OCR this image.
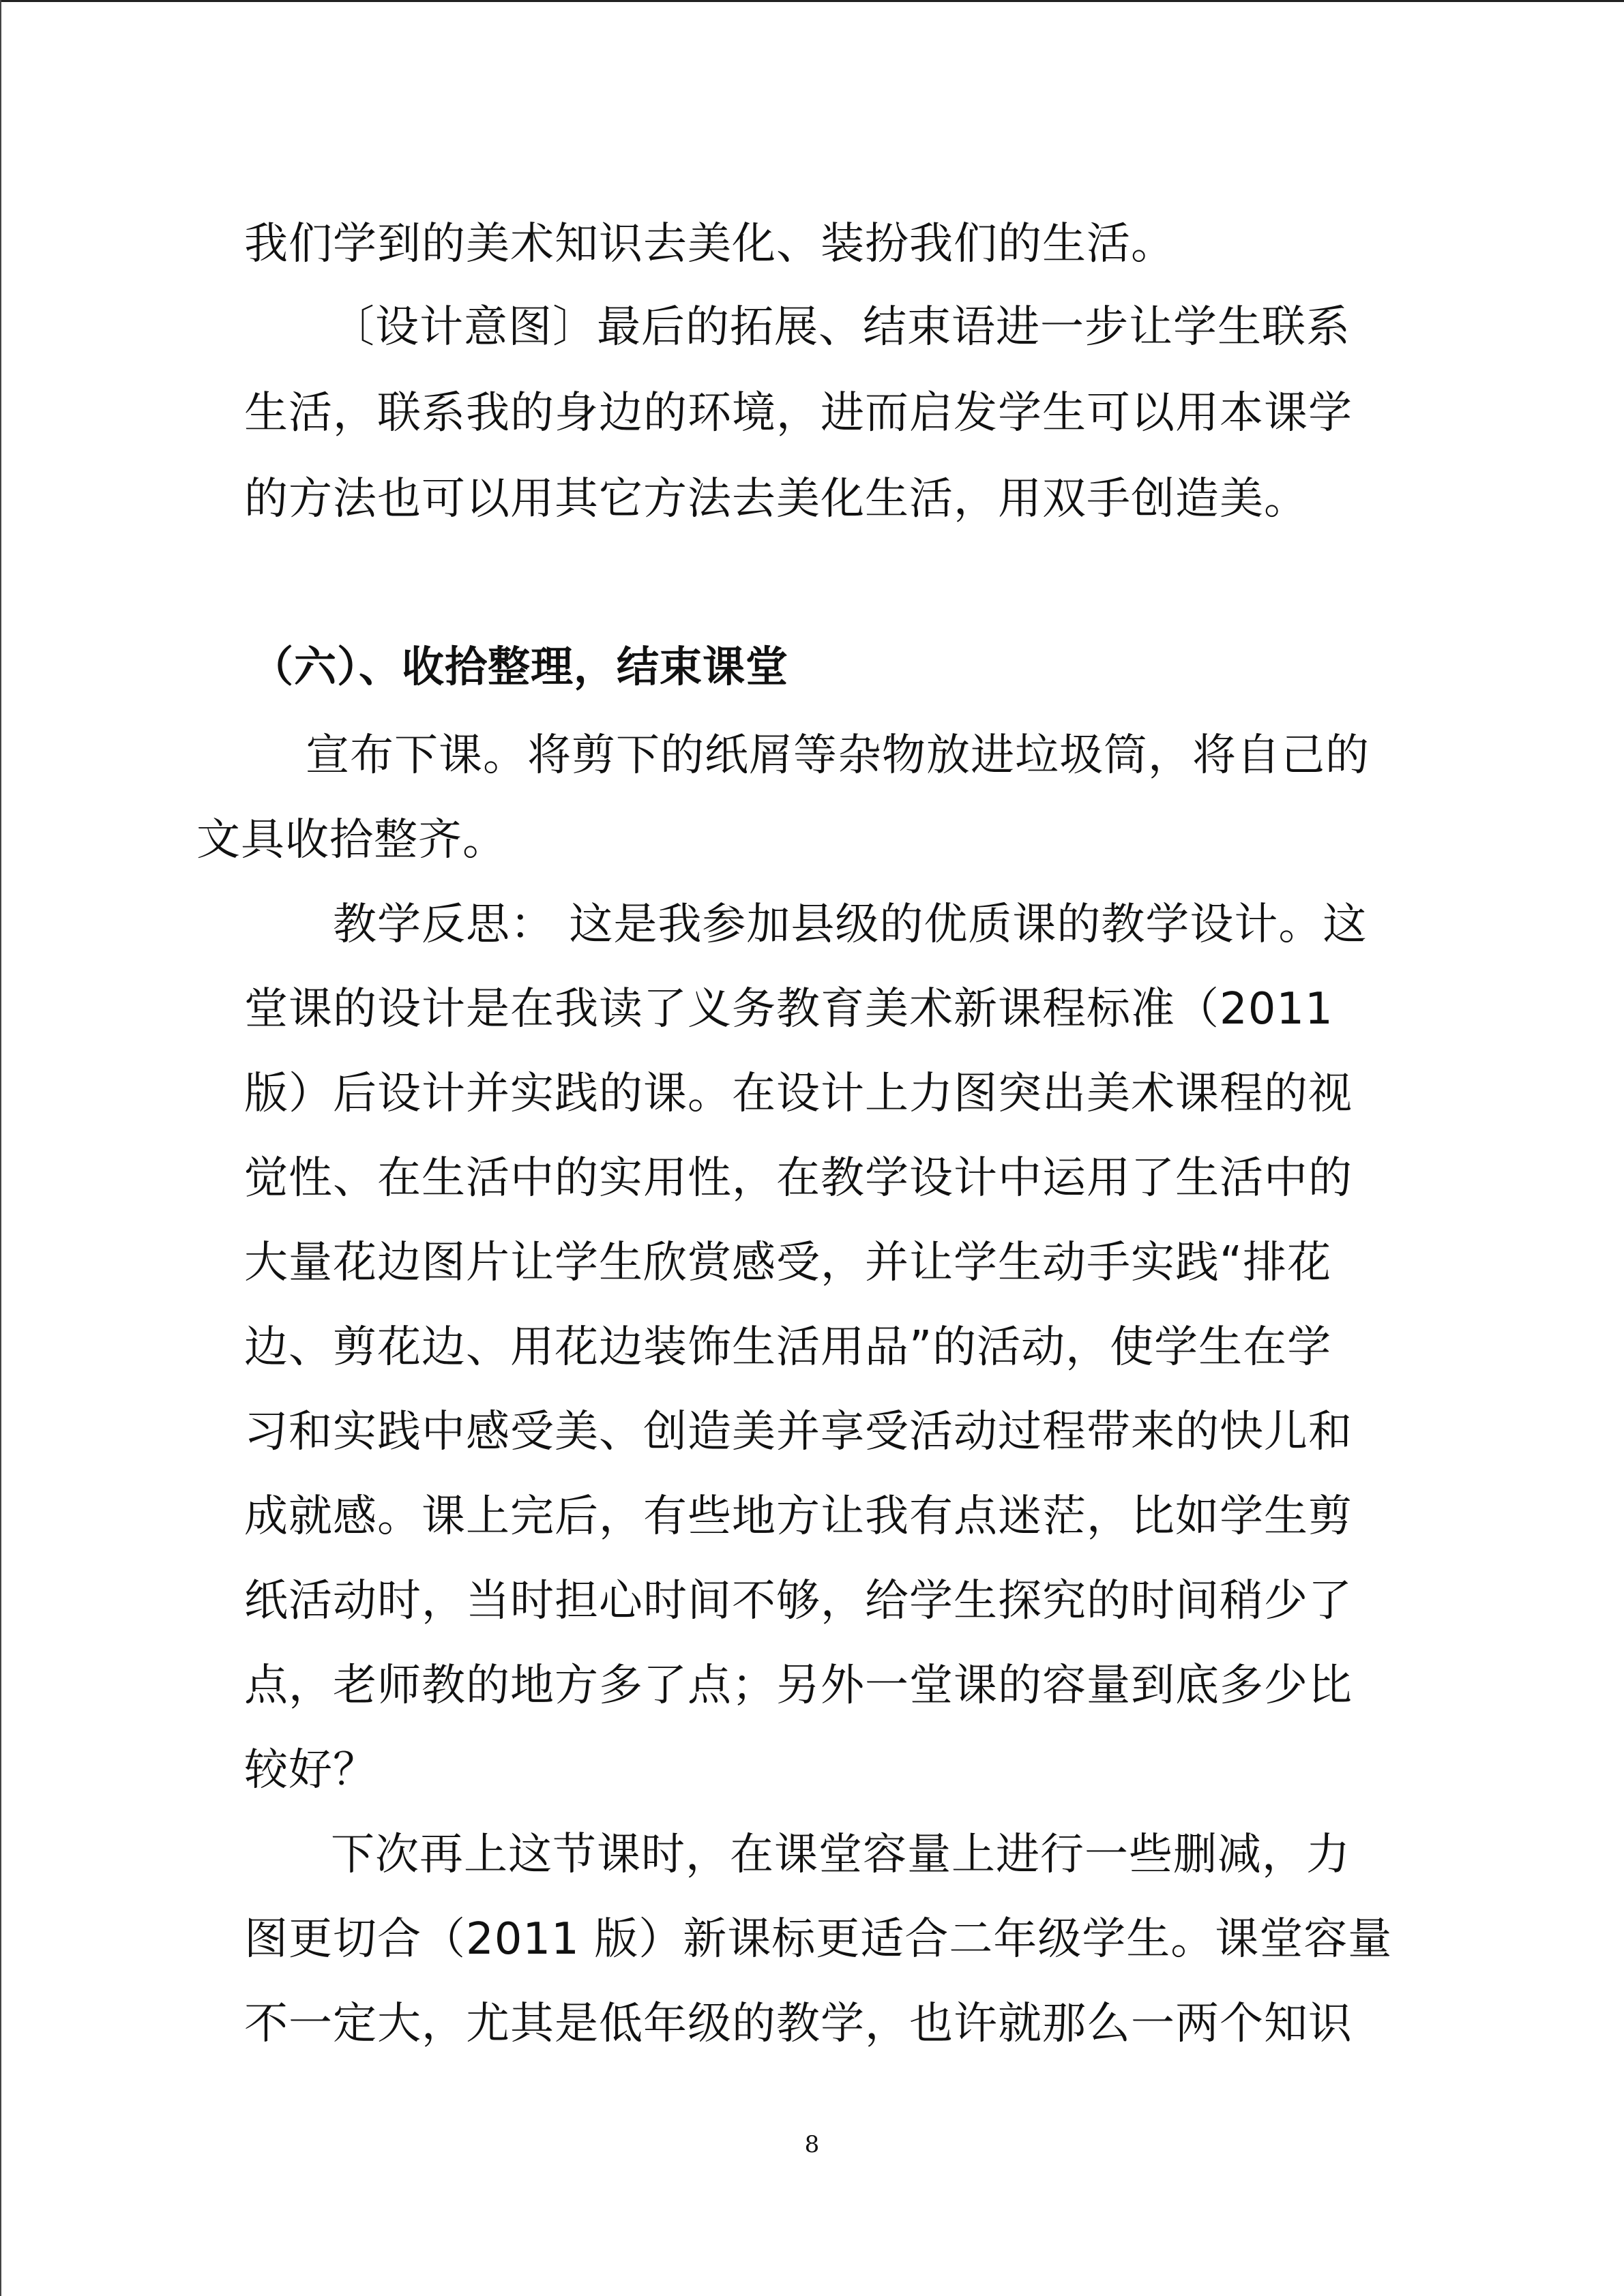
我们学到的美术知识去美化、装扮我们的生活。
〔设计意图〕最后的拓展、结束语进一步让学生联系
生活，联系我的身边的环境，进而启发学生可以用本课学
的方法也可以用其它方法去美化生活，用双手创造美。
（六）、收拾整理，结束课堂
宣布下课。将剪下的纸屑等杂物放进垃圾筒，将自己的
文具收拾整齐。
教学反思： 这是我参加县级的优质课的教学设计。这
堂课的设计是在我读了义务教育美术新课程标准（2011
版）后设计并实践的课。在设计上力图突出美术课程的视
觉性、在生活中的实用性，在教学设计中运用了生活中的
大量花边图片让学生欣赏感受，并让学生动手实践“排花
边、剪花边、用花边装饰生活用品”的活动，使学生在学
习和实践中感受美、创造美并享受活动过程带来的快儿和
成就感。课上完后，有些地方让我有点迷茫，比如学生剪
纸活动时，当时担心时间不够，给学生探究的时间稍少了
点，老师教的地方多了点；另外一堂课的容量到底多少比
较好？
下次再上这节课时，在课堂容量上进行一些删减，力
图更切合（2011 版）新课标更适合二年级学生。课堂容量
不一定大，尤其是低年级的教学，也许就那么一两个知识
8
